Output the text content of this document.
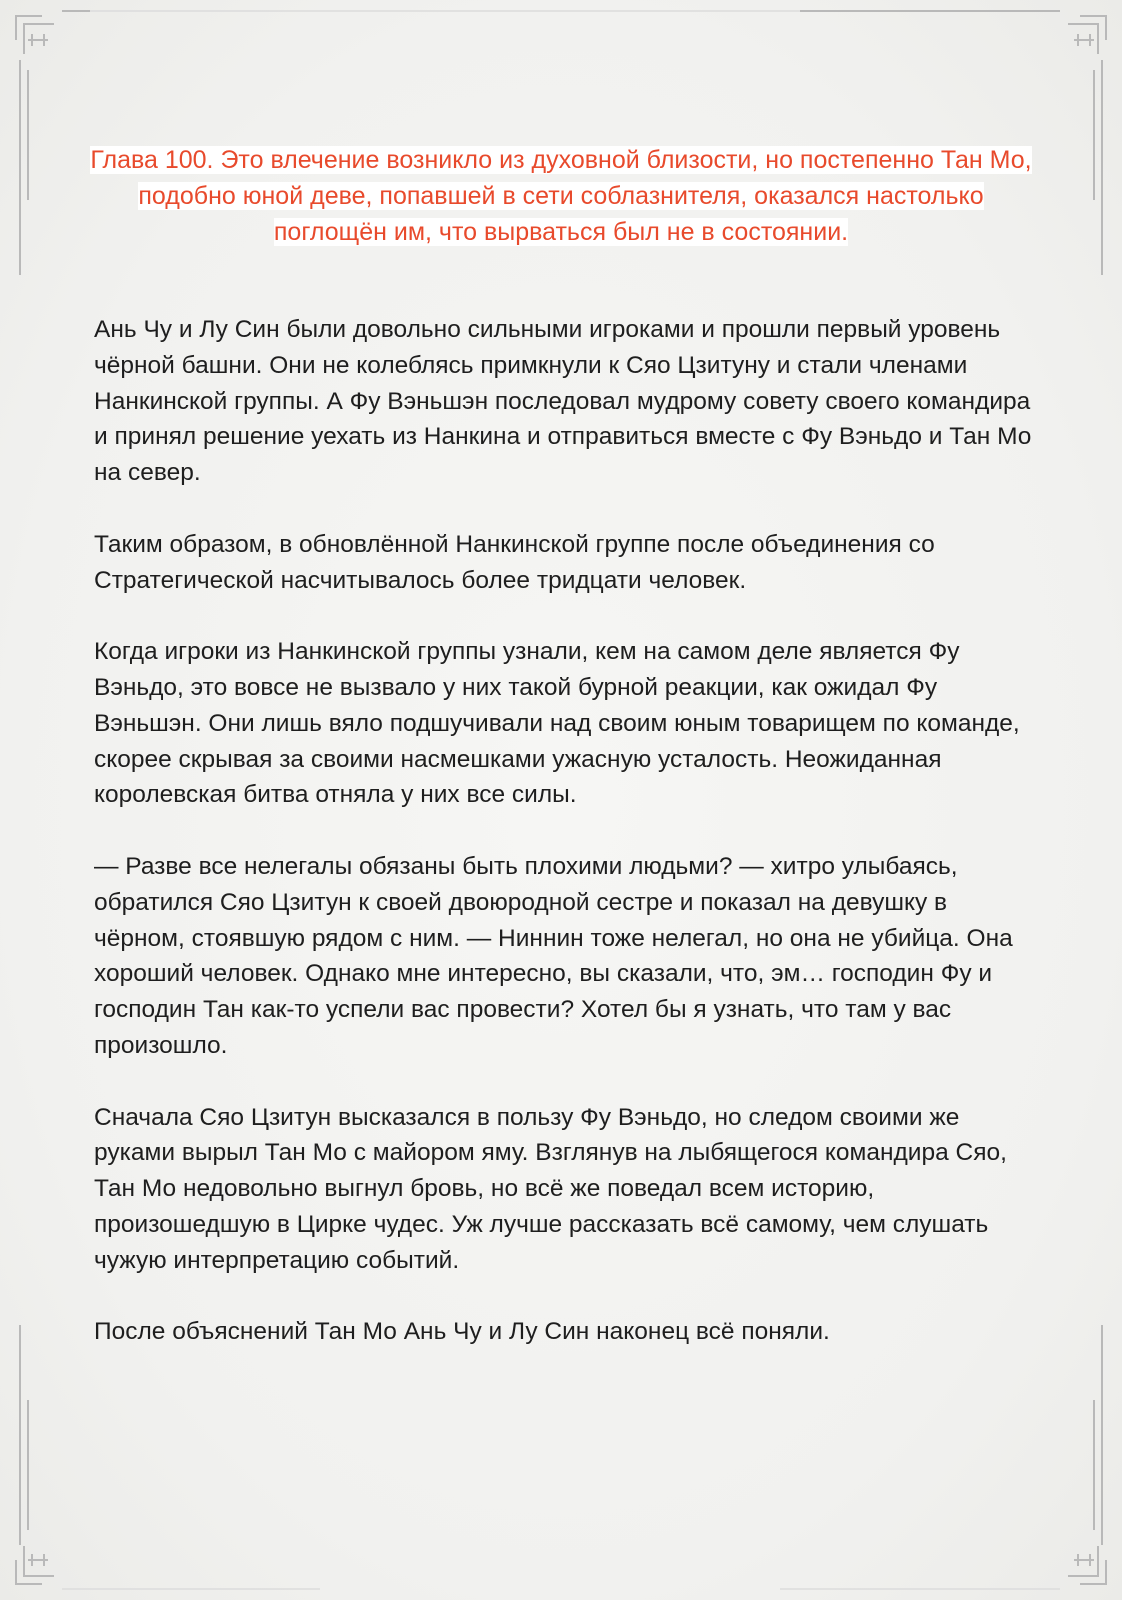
Глава 100. Это влечение возникло из духовной близости, но постепенно Тан Мо, подобно юной деве, попавшей в сети соблазнителя, оказался настолько поглощён им, что вырваться был не в состоянии.

Ань Чу и Лу Син были довольно сильными игроками и прошли первый уровень чёрной башни. Они не колеблясь примкнули к Сяо Цзитуну и стали членами Нанкинской группы. А Фу Вэньшэн последовал мудрому совету своего командира и принял решение уехать из Нанкина и отправиться вместе с Фу Вэньдо и Тан Мо на север.

Таким образом, в обновлённой Нанкинской группе после объединения со Стратегической насчитывалось более тридцати человек.

Когда игроки из Нанкинской группы узнали, кем на самом деле является Фу Вэньдо, это вовсе не вызвало у них такой бурной реакции, как ожидал Фу Вэньшэн. Они лишь вяло подшучивали над своим юным товарищем по команде, скорее скрывая за своими насмешками ужасную усталость. Неожиданная королевская битва отняла у них все силы.

— Разве все нелегалы обязаны быть плохими людьми? — хитро улыбаясь, обратился Сяо Цзитун к своей двоюродной сестре и показал на девушку в чёрном, стоявшую рядом с ним. — Ниннин тоже нелегал, но она не убийца. Она хороший человек. Однако мне интересно, вы сказали, что, эм… господин Фу и господин Тан как-то успели вас провести? Хотел бы я узнать, что там у вас произошло.

Сначала Сяо Цзитун высказался в пользу Фу Вэньдо, но следом своими же руками вырыл Тан Мо с майором яму. Взглянув на лыбящегося командира Сяо, Тан Мо недовольно выгнул бровь, но всё же поведал всем историю, произошедшую в Цирке чудес. Уж лучше рассказать всё самому, чем слушать чужую интерпретацию событий.

После объяснений Тан Мо Ань Чу и Лу Син наконец всё поняли.
